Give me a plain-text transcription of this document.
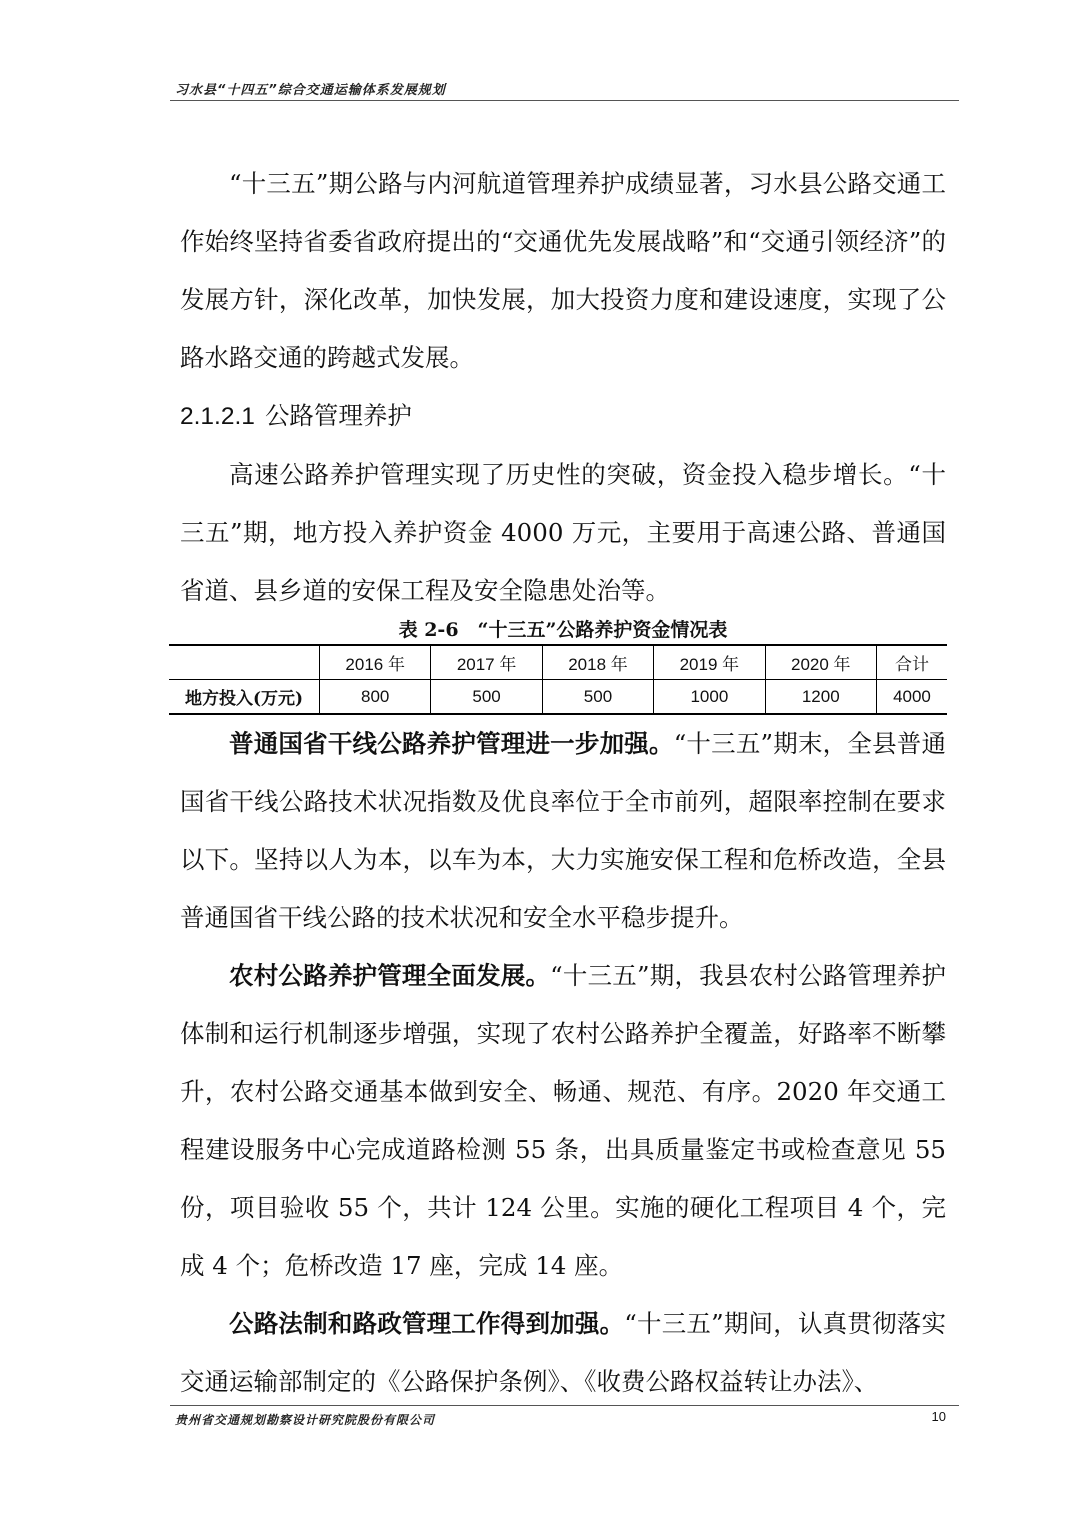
习水县“十四五”综合交通运输体系发展规划

“十三五”期公路与内河航道管理养护成绩显著，习水县公路交通工作始终坚持省委省政府提出的“交通优先发展战略”和“交通引领经济”的发展方针，深化改革，加快发展，加大投资力度和建设速度，实现了公路水路交通的跨越式发展。

2.1.2.1 公路管理养护

高速公路养护管理实现了历史性的突破，资金投入稳步增长。“十三五”期，地方投入养护资金 4000 万元，主要用于高速公路、普通国省道、县乡道的安保工程及安全隐患处治等。

表 2-6　“十三五”公路养护资金情况表

	2016 年	2017 年	2018 年	2019 年	2020 年	合计
地方投入(万元)	800	500	500	1000	1200	4000

普通国省干线公路养护管理进一步加强。“十三五”期末，全县普通国省干线公路技术状况指数及优良率位于全市前列，超限率控制在要求以下。坚持以人为本，以车为本，大力实施安保工程和危桥改造，全县普通国省干线公路的技术状况和安全水平稳步提升。

农村公路养护管理全面发展。“十三五”期，我县农村公路管理养护体制和运行机制逐步增强，实现了农村公路养护全覆盖，好路率不断攀升，农村公路交通基本做到安全、畅通、规范、有序。2020 年交通工程建设服务中心完成道路检测 55 条，出具质量鉴定书或检查意见 55 份，项目验收 55 个，共计 124 公里。实施的硬化工程项目 4 个，完成 4 个；危桥改造 17 座，完成 14 座。

公路法制和路政管理工作得到加强。“十三五”期间，认真贯彻落实交通运输部制定的《公路保护条例》、《收费公路权益转让办法》、

贵州省交通规划勘察设计研究院股份有限公司	10
